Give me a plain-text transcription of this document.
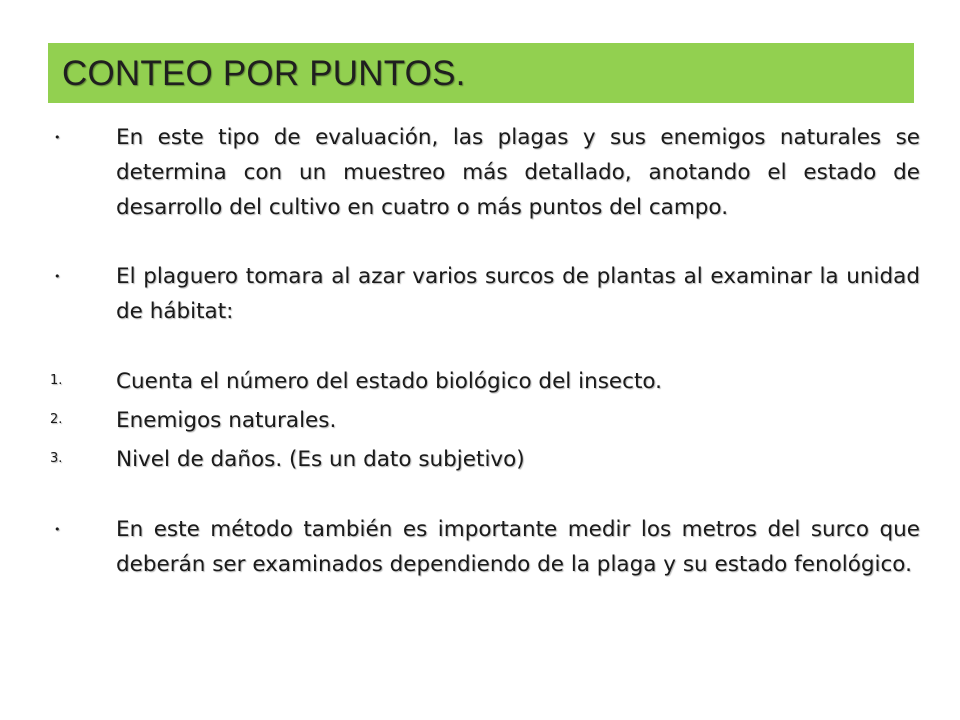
CONTEO POR PUNTOS.
•	En este tipo de evaluación, las plagas y sus enemigos naturales se determina con un muestreo más detallado, anotando el estado de desarrollo del cultivo en cuatro o más puntos del campo.
•	El plaguero tomara al azar varios surcos de plantas al examinar la unidad de hábitat:
1. Cuenta el número del estado biológico del insecto.
2. Enemigos naturales.
3. Nivel de daños. (Es un dato subjetivo)
•	En este método también es importante medir los metros del surco que deberán ser examinados dependiendo de la plaga y su estado fenológico.
